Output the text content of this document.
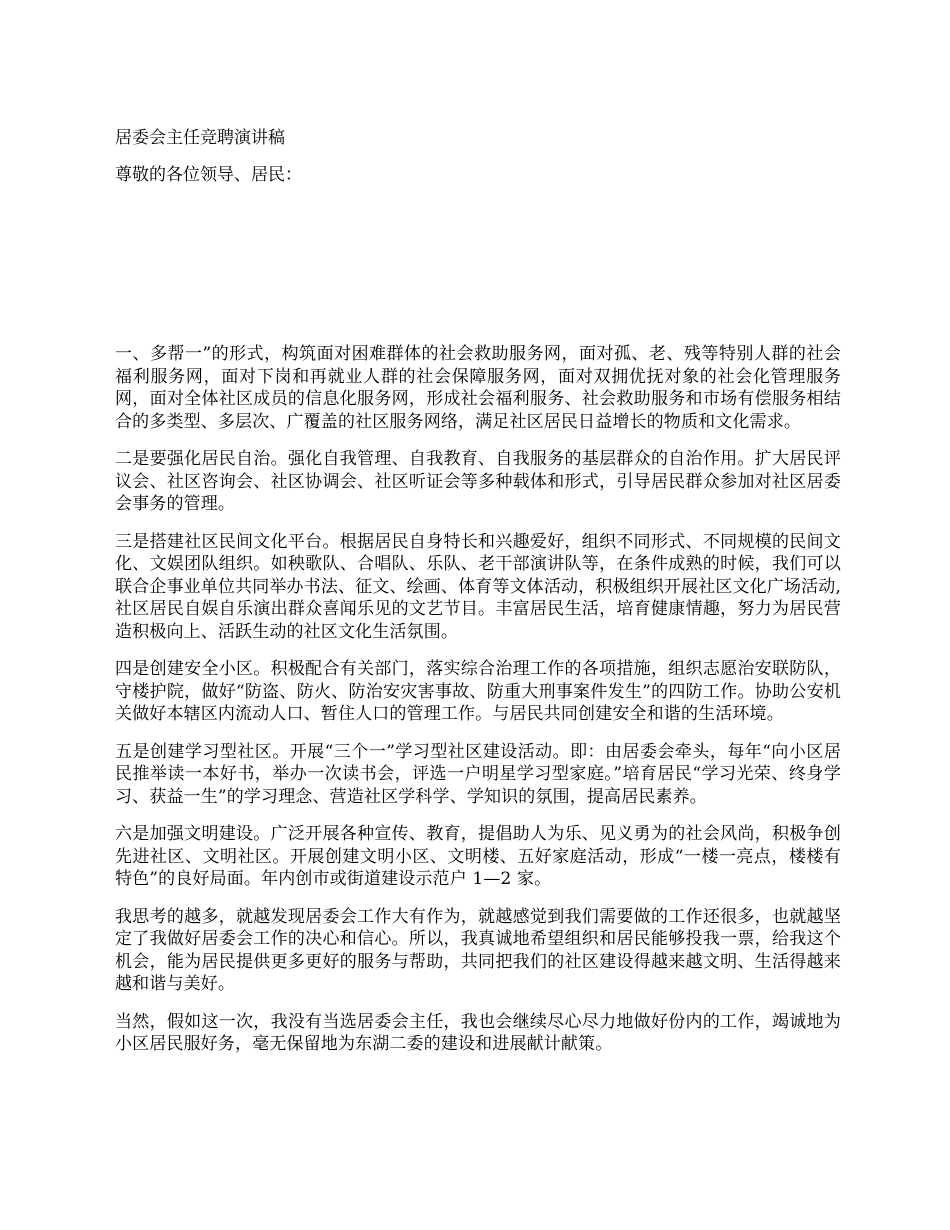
居委会主任竞聘演讲稿

尊敬的各位领导、居民：

一、多帮一”的形式，构筑面对困难群体的社会救助服务网，面对孤、老、残等特别人群的社会福利服务网，面对下岗和再就业人群的社会保障服务网，面对双拥优抚对象的社会化管理服务网，面对全体社区成员的信息化服务网，形成社会福利服务、社会救助服务和市场有偿服务相结合的多类型、多层次、广覆盖的社区服务网络，满足社区居民日益增长的物质和文化需求。

二是要强化居民自治。强化自我管理、自我教育、自我服务的基层群众的自治作用。扩大居民评议会、社区咨询会、社区协调会、社区听证会等多种载体和形式，引导居民群众参加对社区居委会事务的管理。

三是搭建社区民间文化平台。根据居民自身特长和兴趣爱好，组织不同形式、不同规模的民间文化、文娱团队组织。如秧歌队、合唱队、乐队、老干部演讲队等，在条件成熟的时候，我们可以联合企事业单位共同举办书法、征文、绘画、体育等文体活动，积极组织开展社区文化广场活动,社区居民自娱自乐演出群众喜闻乐见的文艺节目。丰富居民生活，培育健康情趣，努力为居民营造积极向上、活跃生动的社区文化生活氛围。

四是创建安全小区。积极配合有关部门，落实综合治理工作的各项措施，组织志愿治安联防队，守楼护院，做好“防盗、防火、防治安灾害事故、防重大刑事案件发生”的四防工作。协助公安机关做好本辖区内流动人口、暂住人口的管理工作。与居民共同创建安全和谐的生活环境。

五是创建学习型社区。开展“三个一”学习型社区建设活动。即：由居委会牵头，每年“向小区居民推举读一本好书，举办一次读书会，评选一户明星学习型家庭。”培育居民“学习光荣、终身学习、获益一生”的学习理念、营造社区学科学、学知识的氛围，提高居民素养。

六是加强文明建设。广泛开展各种宣传、教育，提倡助人为乐、见义勇为的社会风尚，积极争创先进社区、文明社区。开展创建文明小区、文明楼、五好家庭活动，形成“一楼一亮点，楼楼有特色”的良好局面。年内创市或街道建设示范户 1—2 家。

我思考的越多，就越发现居委会工作大有作为，就越感觉到我们需要做的工作还很多，也就越坚定了我做好居委会工作的决心和信心。所以，我真诚地希望组织和居民能够投我一票，给我这个机会，能为居民提供更多更好的服务与帮助，共同把我们的社区建设得越来越文明、生活得越来越和谐与美好。

当然，假如这一次，我没有当选居委会主任，我也会继续尽心尽力地做好份内的工作，竭诚地为小区居民服好务，毫无保留地为东湖二委的建设和进展献计献策。
